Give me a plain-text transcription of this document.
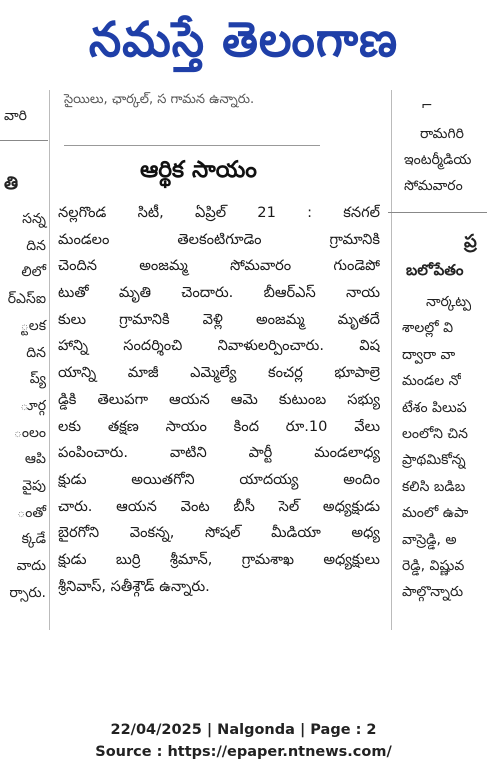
నమస్తే తెలంగాణ
సైయిలు, ఛార్కల్, స గామన ఉన్నారు.
వారి
తి
సన్న
దిన
లిలో
ర్ఎస్ఐ
్టలక
దిన
ప్య్
ూర్గ
ంలం
ఆపి
వైపు
ంతో
క్కడే
వాదు
ర్సారు.
ఆర్థిక సాయం
నల్లగొండ సిటీ, ఏప్రిల్ 21 : కనగల్
మండలం తెలకంటిగూడెం గ్రామానికి
చెందిన అంజమ్మ సోమవారం గుండెపో
టుతో మృతి చెందారు. బీఆర్ఎస్ నాయ
కులు గ్రామానికి వెళ్లి అంజమ్మ మృతదే
హాన్ని సందర్శించి నివాళులర్పించారు. విష
యాన్ని మాజీ ఎమ్మెల్యే కంచర్ల భూపాల్రె
డ్డికి తెలుపగా ఆయన ఆమె కుటుంబ సభ్యు
లకు తక్షణ సాయం కింద రూ.10 వేలు
పంపించారు. వాటిని పార్టీ మండలాధ్య
క్షుడు అయితగోని యాదయ్య అందిం
చారు. ఆయన వెంట బీసీ సెల్ అధ్యక్షుడు
బైరగోని వెంకన్న, సోషల్ మీడియా అధ్య
క్షుడు బుర్రి శ్రీమాన్, గ్రామశాఖ అధ్యక్షులు
శ్రీనివాస్, సతీశ్గౌడ్ ఉన్నారు.
⌐
రామగిరి
ఇంటర్మీడియ
సోమవారం
ప్ర
బలోపేతం
నార్కట్ప
శాలల్లో వి
ద్వారా వా
మండల నో
టేశం పిలుప
లంలోని చిన
ప్రాథమికోన్న
కలిసి బడిబ
మంలో ఉపా
వాస్రెడ్డి, అ
రెడ్డి, విష్ణువ
పాల్గొన్నారు
22/04/2025 | Nalgonda | Page : 2
Source : https://epaper.ntnews.com/
